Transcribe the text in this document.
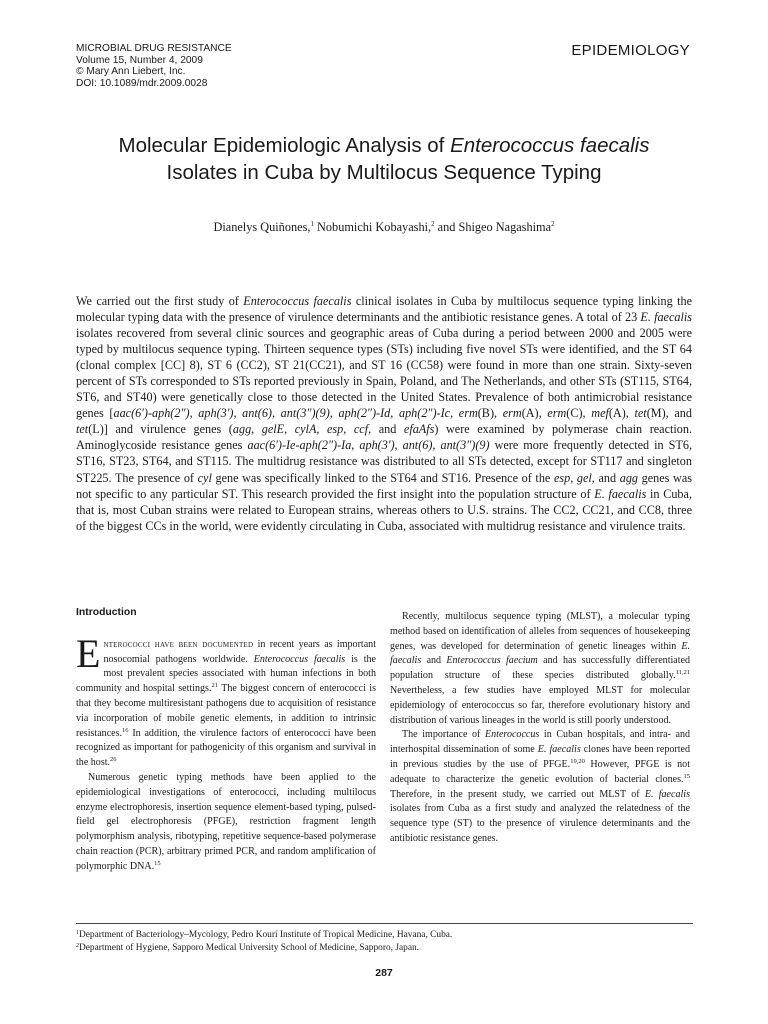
MICROBIAL DRUG RESISTANCE
Volume 15, Number 4, 2009
© Mary Ann Liebert, Inc.
DOI: 10.1089/mdr.2009.0028
EPIDEMIOLOGY
Molecular Epidemiologic Analysis of Enterococcus faecalis
Isolates in Cuba by Multilocus Sequence Typing
Dianelys Quiñones,$^1$ Nobumichi Kobayashi,$^2$ and Shigeo Nagashima$^2$

We carried out the first study of Enterococcus faecalis clinical isolates in Cuba by multilocus sequence typing linking the molecular typing data with the presence of virulence determinants and the antibiotic resistance genes. A total of 23 E. faecalis isolates recovered from several clinic sources and geographic areas of Cuba during a period between 2000 and 2005 were typed by multilocus sequence typing. Thirteen sequence types (STs) including five novel STs were identified, and the ST 64 (clonal complex [CC] 8), ST 6 (CC2), ST 21(CC21), and ST 16 (CC58) were found in more than one strain. Sixty-seven percent of STs corresponded to STs reported previously in Spain, Poland, and The Netherlands, and other STs (ST115, ST64, ST6, and ST40) were genetically close to those detected in the United States. Prevalence of both antimicrobial resistance genes [aac(6′)-aph(2″), aph(3′), ant(6), ant(3″)(9), aph(2″)-Id, aph(2″)-Ic, erm(B), erm(A), erm(C), mef(A), tet(M), and tet(L)] and virulence genes (agg, gelE, cylA, esp, ccf, and efaAfs) were examined by polymerase chain reaction. Aminoglycoside resistance genes aac(6′)-Ie-aph(2″)-Ia, aph(3′), ant(6), ant(3″)(9) were more frequently detected in ST6, ST16, ST23, ST64, and ST115. The multidrug resistance was distributed to all STs detected, except for ST117 and singleton ST225. The presence of cyl gene was specifically linked to the ST64 and ST16. Presence of the esp, gel, and agg genes was not specific to any particular ST. This research provided the first insight into the population structure of E. faecalis in Cuba, that is, most Cuban strains were related to European strains, whereas others to U.S. strains. The CC2, CC21, and CC8, three of the biggest CCs in the world, were evidently circulating in Cuba, associated with multidrug resistance and virulence traits.

Introduction

Enterococci have been documented in recent years as important nosocomial pathogens worldwide. Enterococcus faecalis is the most prevalent species associated with human infections in both community and hospital settings.$^{21}$ The biggest concern of enterococci is that they become multiresistant pathogens due to acquisition of resistance via incorporation of mobile genetic elements, in addition to intrinsic resistances.$^{16}$ In addition, the virulence factors of enterococci have been recognized as important for pathogenicity of this organism and survival in the host.$^{26}$

Numerous genetic typing methods have been applied to the epidemiological investigations of enterococci, including multilocus enzyme electrophoresis, insertion sequence element-based typing, pulsed-field gel electrophoresis (PFGE), restriction fragment length polymorphism analysis, ribotyping, repetitive sequence-based polymerase chain reaction (PCR), arbitrary primed PCR, and random amplification of polymorphic DNA.$^{15}$

Recently, multilocus sequence typing (MLST), a molecular typing method based on identification of alleles from sequences of housekeeping genes, was developed for determination of genetic lineages within E. faecalis and Enterococcus faecium and has successfully differentiated population structure of these species distributed globally.$^{11,21}$ Nevertheless, a few studies have employed MLST for molecular epidemiology of enterococcus so far, therefore evolutionary history and distribution of various lineages in the world is still poorly understood.

The importance of Enterococcus in Cuban hospitals, and intra- and interhospital dissemination of some E. faecalis clones have been reported in previous studies by the use of PFGE.$^{19,20}$ However, PFGE is not adequate to characterize the genetic evolution of bacterial clones.$^{15}$ Therefore, in the present study, we carried out MLST of E. faecalis isolates from Cuba as a first study and analyzed the relatedness of the sequence type (ST) to the presence of virulence determinants and the antibiotic resistance genes.

$^1$Department of Bacteriology–Mycology, Pedro Kourí Institute of Tropical Medicine, Havana, Cuba.
$^2$Department of Hygiene, Sapporo Medical University School of Medicine, Sapporo, Japan.
287
